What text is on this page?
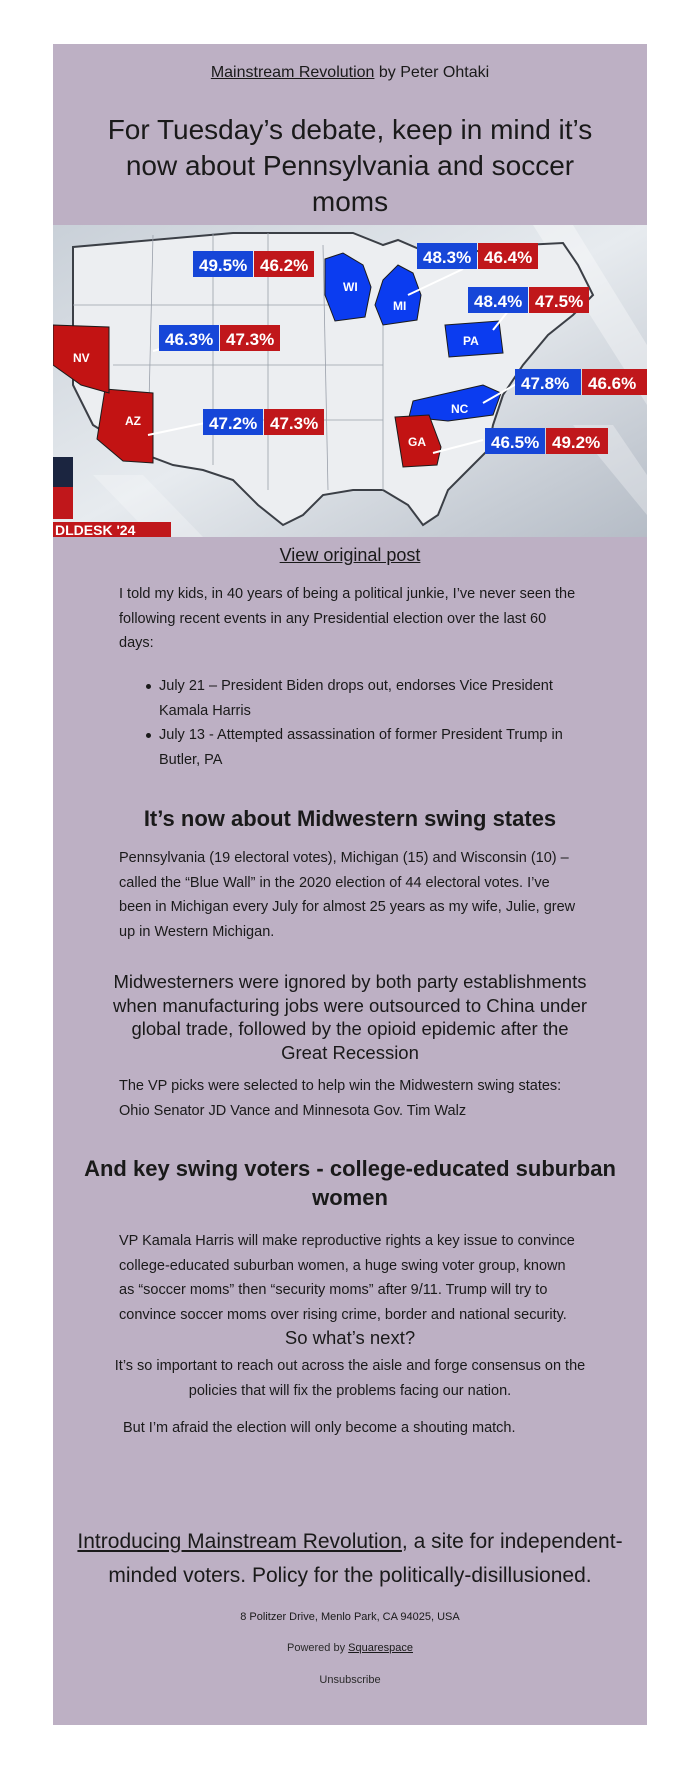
Mainstream Revolution by Peter Ohtaki
For Tuesday’s debate, keep in mind it’s now about Pennsylvania and soccer moms
WI
MI
PA
NV
NC
AZ
GA
49.5% 46.2%	48.3% 46.4%
48.4% 47.5%
46.3% 47.3%
47.8% 46.6%
47.2% 47.3%
46.5% 49.2%
DLDESK '24
View original post
I told my kids, in 40 years of being a political junkie, I’ve never seen the following recent events in any Presidential election over the last 60 days:
July 21 – President Biden drops out, endorses Vice President Kamala Harris
July 13 - Attempted assassination of former President Trump in Butler, PA
It’s now about Midwestern swing states
Pennsylvania (19 electoral votes), Michigan (15) and Wisconsin (10) – called the “Blue Wall” in the 2020 election of 44 electoral votes. I’ve been in Michigan every July for almost 25 years as my wife, Julie, grew up in Western Michigan.
Midwesterners were ignored by both party establishments when manufacturing jobs were outsourced to China under global trade, followed by the opioid epidemic after the Great Recession
The VP picks were selected to help win the Midwestern swing states: Ohio Senator JD Vance and Minnesota Gov. Tim Walz
And key swing voters - college-educated suburban women
VP Kamala Harris will make reproductive rights a key issue to convince college-educated suburban women, a huge swing voter group, known as “soccer moms” then “security moms” after 9/11. Trump will try to convince soccer moms over rising crime, border and national security.
So what’s next?
It’s so important to reach out across the aisle and forge consensus on the policies that will fix the problems facing our nation.
But I’m afraid the election will only become a shouting match.
Introducing Mainstream Revolution, a site for independent-minded voters. Policy for the politically-disillusioned.
8 Politzer Drive, Menlo Park, CA 94025, USA
Powered by Squarespace
Unsubscribe
